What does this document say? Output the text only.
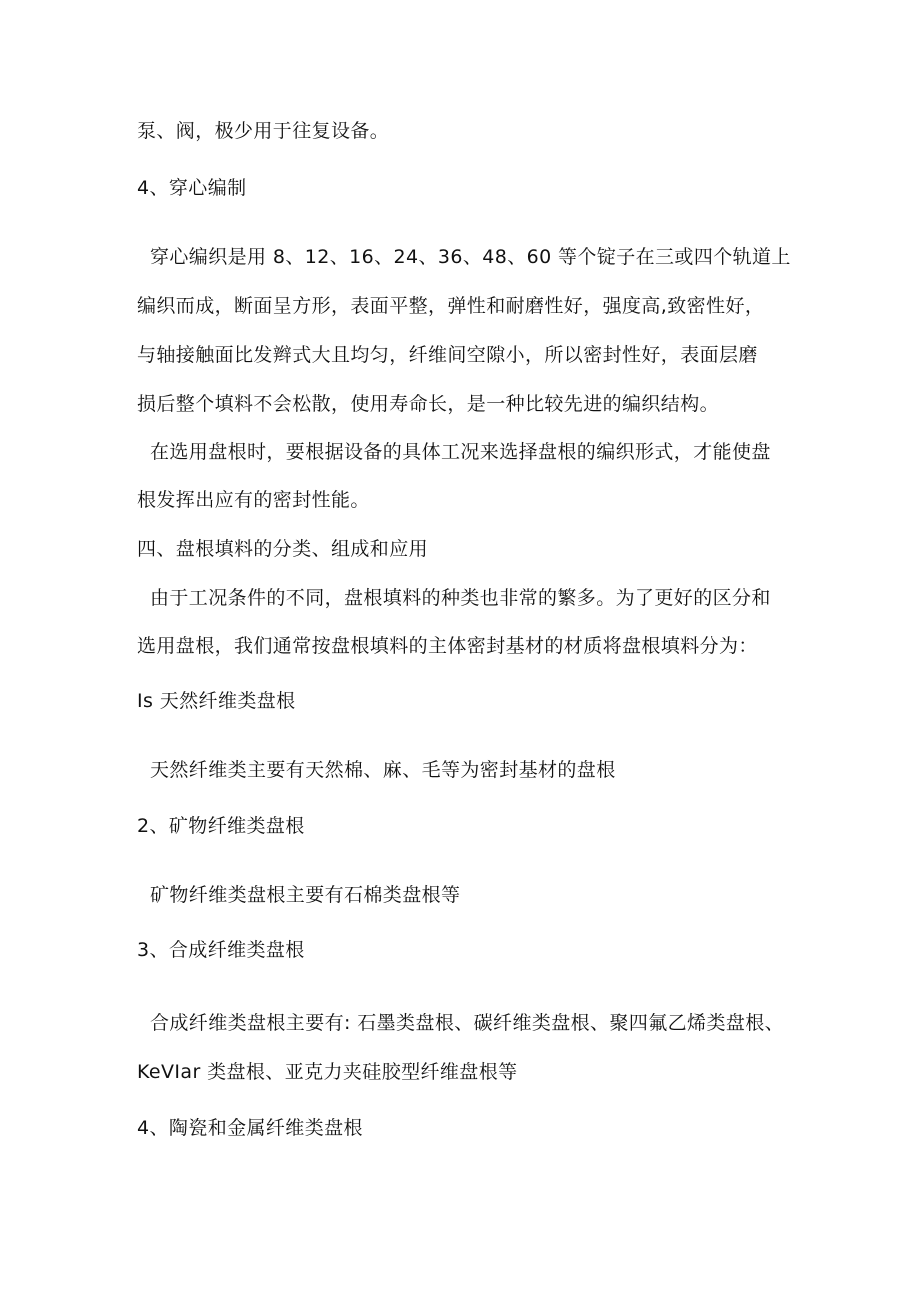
泵、阀，极少用于往复设备。
4、穿心编制
穿心编织是用 8、12、16、24、36、48、60 等个锭子在三或四个轨道上
编织而成，断面呈方形，表面平整，弹性和耐磨性好，强度高,致密性好，
与轴接触面比发辫式大且均匀，纤维间空隙小，所以密封性好，表面层磨
损后整个填料不会松散，使用寿命长，是一种比较先进的编织结构。
在选用盘根时，要根据设备的具体工况来选择盘根的编织形式，才能使盘
根发挥出应有的密封性能。
四、盘根填料的分类、组成和应用
由于工况条件的不同，盘根填料的种类也非常的繁多。为了更好的区分和
选用盘根，我们通常按盘根填料的主体密封基材的材质将盘根填料分为：
Is 天然纤维类盘根
天然纤维类主要有天然棉、麻、毛等为密封基材的盘根
2、矿物纤维类盘根
矿物纤维类盘根主要有石棉类盘根等
3、合成纤维类盘根
合成纤维类盘根主要有: 石墨类盘根、碳纤维类盘根、聚四氟乙烯类盘根、
KeVIar 类盘根、亚克力夹硅胶型纤维盘根等
4、陶瓷和金属纤维类盘根
